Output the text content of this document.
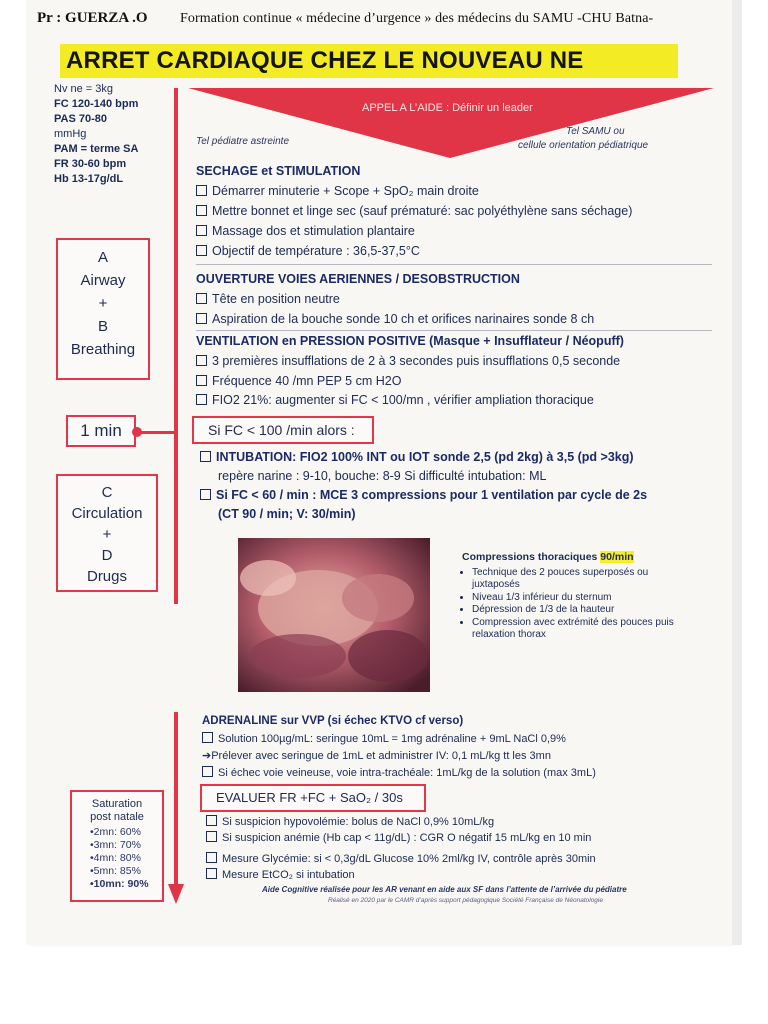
Pr : GUERZA .O Formation continue « médecine d’urgence » des médecins du SAMU -CHU Batna-
ARRET CARDIAQUE CHEZ LE NOUVEAU NE
Nv ne = 3kg
FC 120-140 bpm
PAS 70-80
mmHg
PAM = terme SA
FR 30-60 bpm
Hb 13-17g/dL
APPEL A L’AIDE : Définir un leader
Tel pédiatre astreinte
Tel SAMU ou
cellule orientation pédiatrique
A
Airway
+
B
Breathing
1 min
C
Circulation
+
D
Drugs
Saturation
post natale
•2mn: 60%
•3mn: 70%
•4mn: 80%
•5mn: 85%
•10mn: 90%
SECHAGE et STIMULATION
Démarrer minuterie + Scope + SpO₂ main droite
Mettre bonnet et linge sec (sauf prématuré: sac polyéthylène sans séchage)
Massage dos et stimulation plantaire
Objectif de température : 36,5-37,5°C
OUVERTURE VOIES AERIENNES / DESOBSTRUCTION
Tête en position neutre
Aspiration de la bouche sonde 10 ch et orifices narinaires sonde 8 ch
VENTILATION en PRESSION POSITIVE (Masque + Insufflateur / Néopuff)
3 premières insufflations de 2 à 3 secondes puis insufflations 0,5 seconde
Fréquence 40 /mn PEP 5 cm H2O
FIO2 21%: augmenter si FC < 100/mn , vérifier ampliation thoracique
Si FC < 100 /min alors :
INTUBATION: FIO2 100% INT ou IOT sonde 2,5 (pd 2kg) à 3,5 (pd >3kg)
repère narine : 9-10, bouche: 8-9 Si difficulté intubation: ML
Si FC < 60 / min : MCE 3 compressions pour 1 ventilation par cycle de 2s
(CT 90 / min; V: 30/min)
Compressions thoraciques 90/min
• Technique des 2 pouces superposés ou juxtaposés
• Niveau 1/3 inférieur du sternum
• Dépression de 1/3 de la hauteur
• Compression avec extrémité des pouces puis relaxation thorax
ADRENALINE sur VVP (si échec KTVO cf verso)
Solution 100µg/mL: seringue 10mL = 1mg adrénaline + 9mL NaCl 0,9%
➔Prélever avec seringue de 1mL et administrer IV: 0,1 mL/kg tt les 3mn
Si échec voie veineuse, voie intra-trachéale: 1mL/kg de la solution (max 3mL)
EVALUER FR +FC + SaO₂ / 30s
Si suspicion hypovolémie: bolus de NaCl 0,9% 10mL/kg
Si suspicion anémie (Hb cap < 11g/dL) : CGR O négatif 15 mL/kg en 10 min
Mesure Glycémie: si < 0,3g/dL Glucose 10% 2ml/kg IV, contrôle après 30min
Mesure EtCO₂ si intubation
Aide Cognitive réalisée pour les AR venant en aide aux SF dans l’attente de l’arrivée du pédiatre
Réalisé en 2020 par le CAMR d’après support pédagogique Société Française de Néonatologie
